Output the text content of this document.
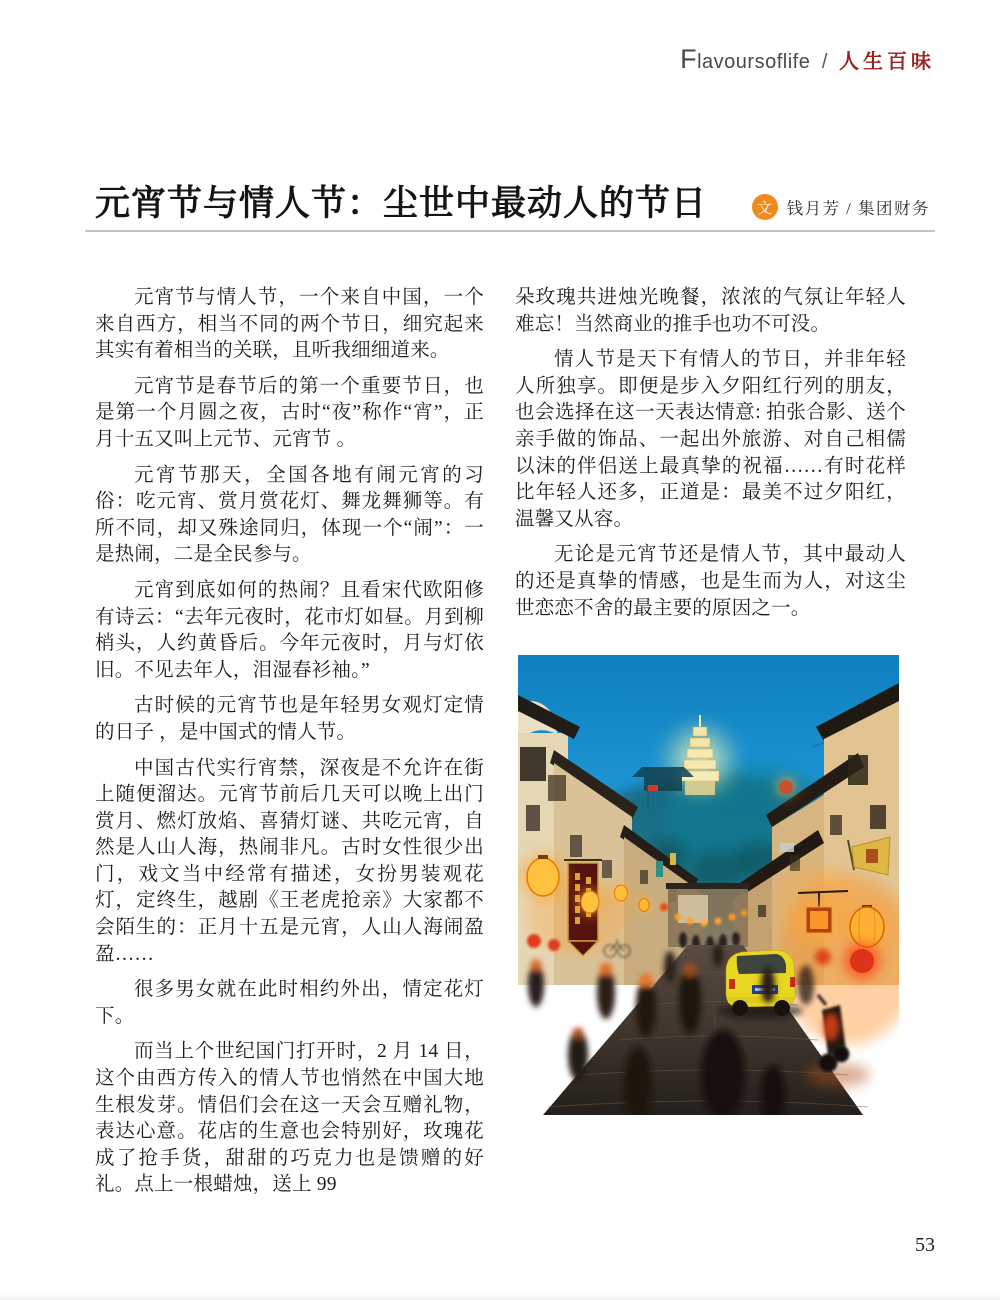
Flavoursoflife / 人生百味
元宵节与情人节：尘世中最动人的节日	文 钱月芳 / 集团财务

元宵节与情人节，一个来自中国，一个来自西方，相当不同的两个节日，细究起来其实有着相当的关联，且听我细细道来。

元宵节是春节后的第一个重要节日，也是第一个月圆之夜，古时“夜”称作“宵”，正月十五又叫上元节、元宵节 。

元宵节那天，全国各地有闹元宵的习俗：吃元宵、赏月赏花灯、舞龙舞狮等。有所不同，却又殊途同归，体现一个“闹”：一是热闹，二是全民参与。

元宵到底如何的热闹？且看宋代欧阳修有诗云：“去年元夜时，花市灯如昼。月到柳梢头，人约黄昏后。今年元夜时，月与灯依旧。不见去年人，泪湿春衫袖。”

古时候的元宵节也是年轻男女观灯定情的日子 ，是中国式的情人节。

中国古代实行宵禁，深夜是不允许在街上随便溜达。元宵节前后几天可以晚上出门赏月、燃灯放焰、喜猜灯谜、共吃元宵，自然是人山人海，热闹非凡。古时女性很少出门，戏文当中经常有描述，女扮男装观花灯，定终生，越剧《王老虎抢亲》大家都不会陌生的：正月十五是元宵，人山人海闹盈盈……

很多男女就在此时相约外出，情定花灯下。

而当上个世纪国门打开时，2 月 14 日，这个由西方传入的情人节也悄然在中国大地生根发芽。情侣们会在这一天会互赠礼物，表达心意。花店的生意也会特别好，玫瑰花成了抢手货，甜甜的巧克力也是馈赠的好礼。点上一根蜡烛，送上 99

朵玫瑰共进烛光晚餐，浓浓的气氛让年轻人难忘！当然商业的推手也功不可没。

情人节是天下有情人的节日，并非年轻人所独享。即便是步入夕阳红行列的朋友，也会选择在这一天表达情意: 拍张合影、送个亲手做的饰品、一起出外旅游、对自己相儒以沫的伴侣送上最真挚的祝福……有时花样比年轻人还多，正道是：最美不过夕阳红，温馨又从容。

无论是元宵节还是情人节，其中最动人的还是真挚的情感，也是生而为人，对这尘世恋恋不舍的最主要的原因之一。

53
